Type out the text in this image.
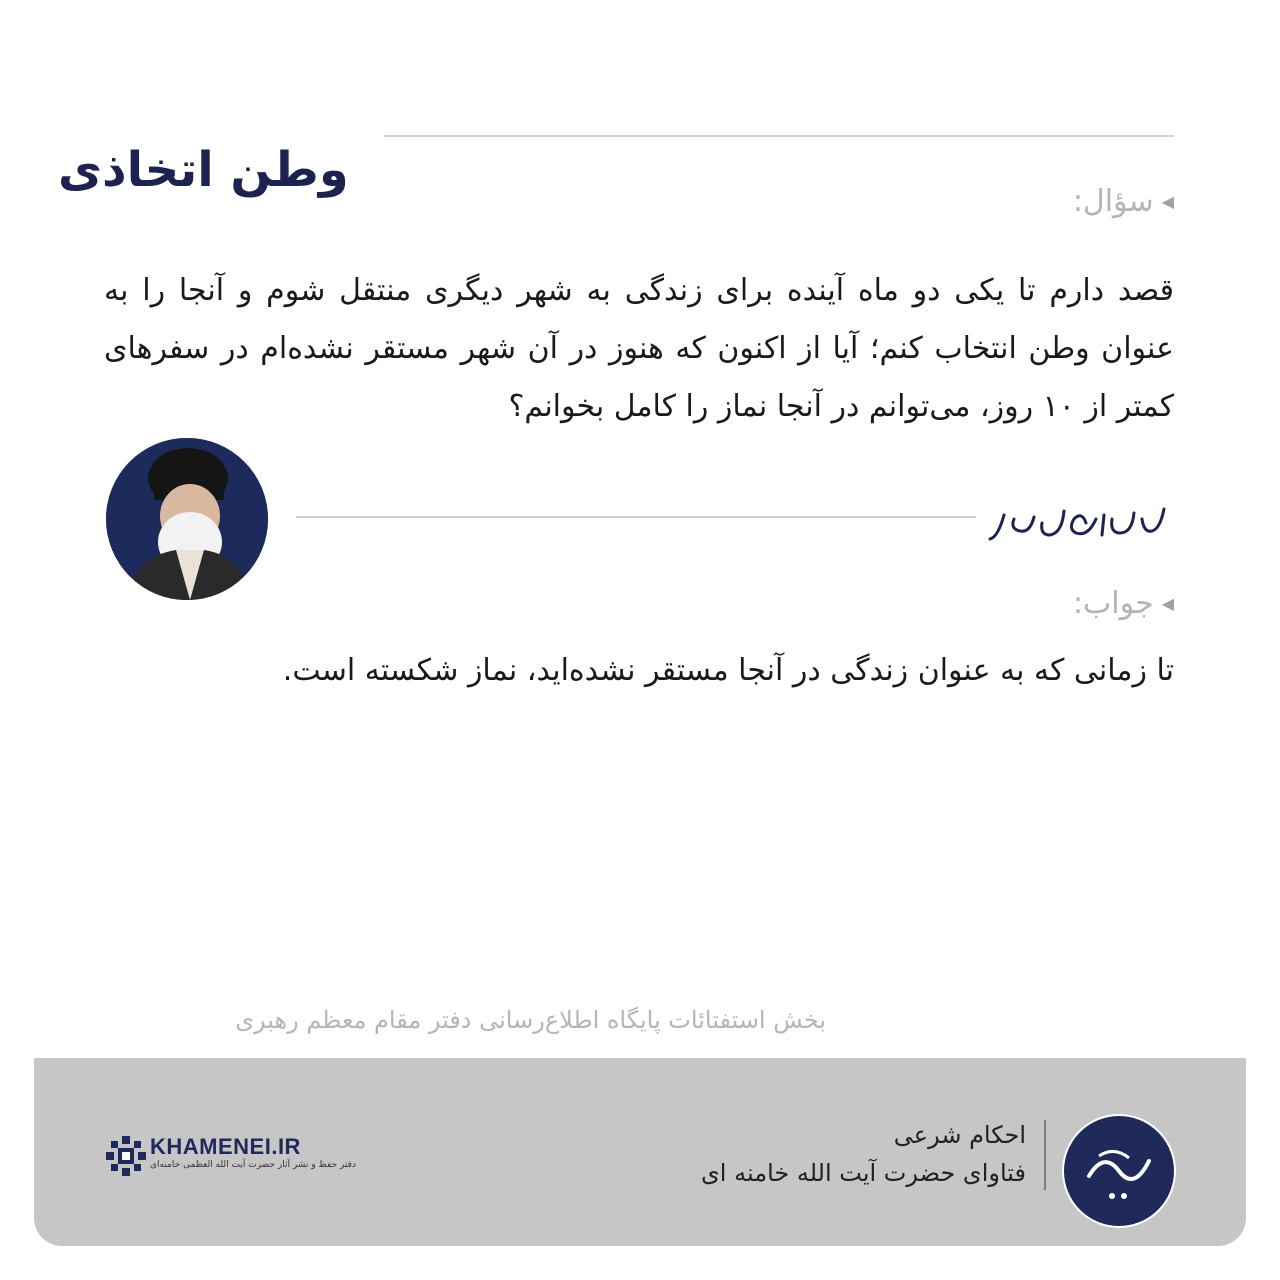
وطن اتخاذی
◀
سؤال:
قصد دارم تا یکی دو ماه آینده برای زندگی به شهر دیگری منتقل شوم و آنجا را به عنوان وطن انتخاب کنم؛ آیا از اکنون که هنوز در آن شهر مستقر نشده‌ام در سفرهای کمتر از ۱۰ روز، می‌توانم در آنجا نماز را کامل بخوانم؟
◀
جواب:
تا زمانی که به عنوان زندگی در آنجا مستقر نشده‌اید، نماز شکسته است.
بخش استفتائات پایگاه اطلاع‌رسانی دفتر مقام معظم رهبری
احکام شرعی
فتاوای حضرت آیت الله خامنه ای
KHAMENEI.IR
دفتر حفظ و نشر آثار حضرت آیت الله العظمی خامنه‌ای
